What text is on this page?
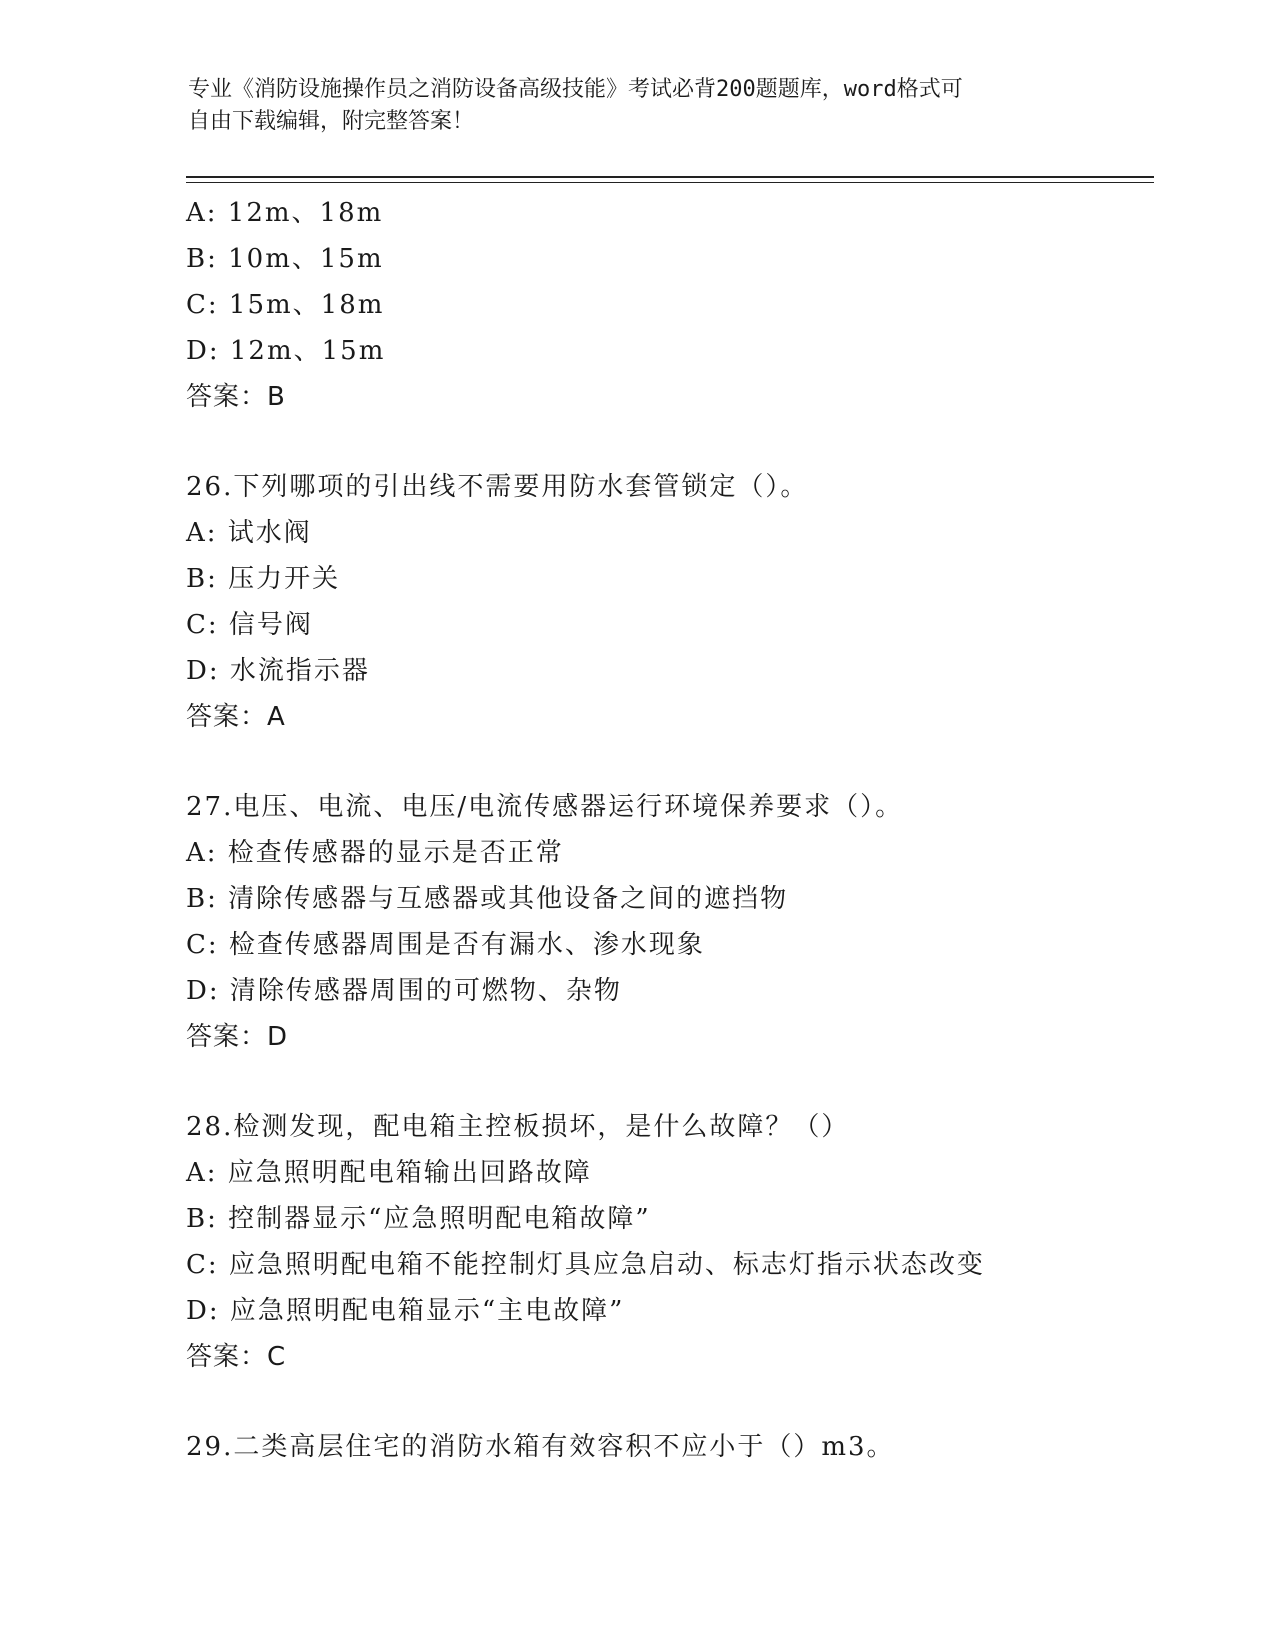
专业《消防设施操作员之消防设备高级技能》考试必背200题题库，word格式可
自由下载编辑，附完整答案！
A: 12m、18m
B: 10m、15m
C: 15m、18m
D: 12m、15m
答案：B
26.下列哪项的引出线不需要用防水套管锁定（）。
A: 试水阀
B: 压力开关
C: 信号阀
D: 水流指示器
答案：A
27.电压、电流、电压/电流传感器运行环境保养要求（）。
A: 检查传感器的显示是否正常
B: 清除传感器与互感器或其他设备之间的遮挡物
C: 检查传感器周围是否有漏水、渗水现象
D: 清除传感器周围的可燃物、杂物
答案：D
28.检测发现，配电箱主控板损坏，是什么故障？（）
A: 应急照明配电箱输出回路故障
B: 控制器显示“应急照明配电箱故障”
C: 应急照明配电箱不能控制灯具应急启动、标志灯指示状态改变
D: 应急照明配电箱显示“主电故障”
答案：C
29.二类高层住宅的消防水箱有效容积不应小于（）m3。
